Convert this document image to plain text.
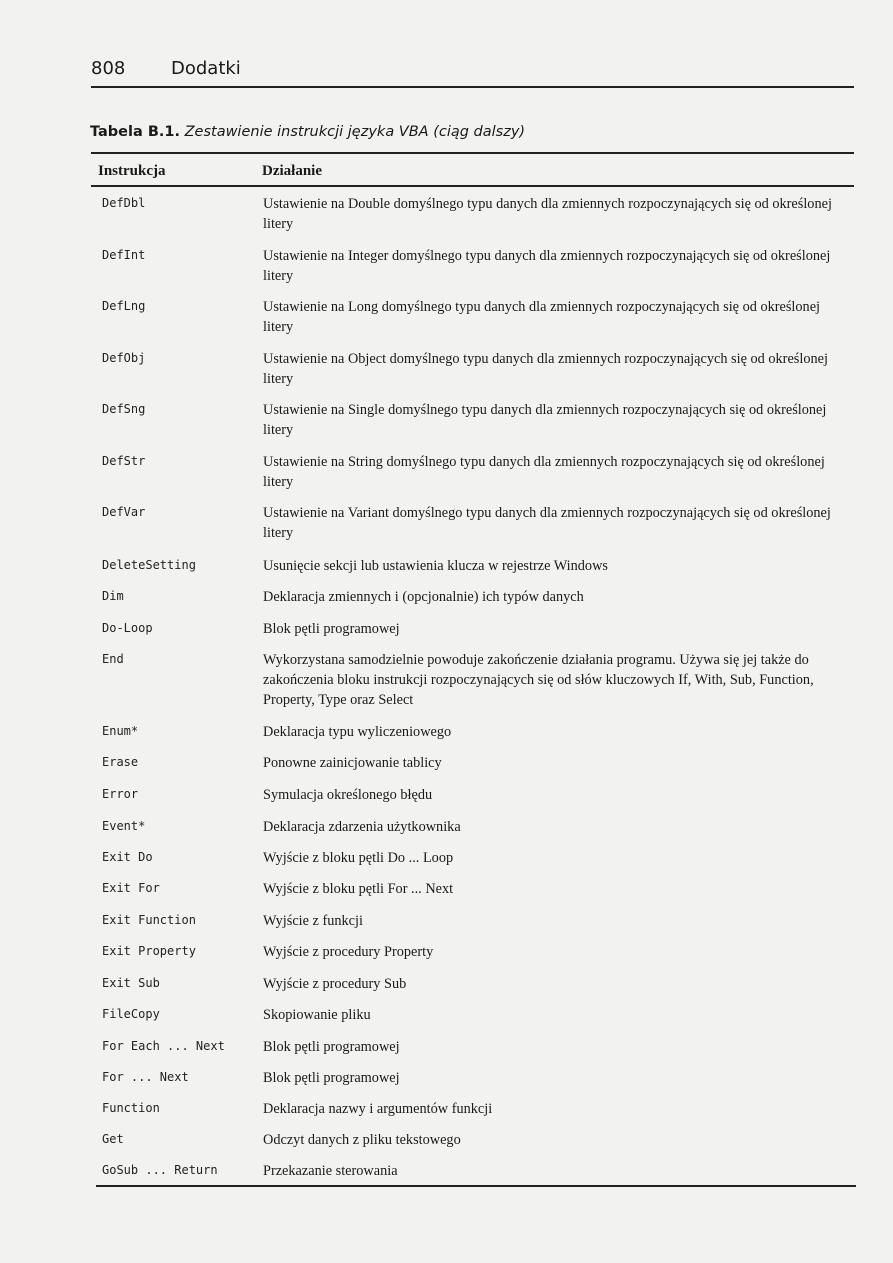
808	Dodatki
Tabela B.1. Zestawienie instrukcji języka VBA (ciąg dalszy)
Instrukcja	Działanie
DefDbl	Ustawienie na Double domyślnego typu danych dla zmiennych rozpoczynających się od określonej litery
DefInt	Ustawienie na Integer domyślnego typu danych dla zmiennych rozpoczynających się od określonej litery
DefLng	Ustawienie na Long domyślnego typu danych dla zmiennych rozpoczynających się od określonej litery
DefObj	Ustawienie na Object domyślnego typu danych dla zmiennych rozpoczynających się od określonej litery
DefSng	Ustawienie na Single domyślnego typu danych dla zmiennych rozpoczynających się od określonej litery
DefStr	Ustawienie na String domyślnego typu danych dla zmiennych rozpoczynających się od określonej litery
DefVar	Ustawienie na Variant domyślnego typu danych dla zmiennych rozpoczynających się od określonej litery
DeleteSetting	Usunięcie sekcji lub ustawienia klucza w rejestrze Windows
Dim	Deklaracja zmiennych i (opcjonalnie) ich typów danych
Do-Loop	Blok pętli programowej
End	Wykorzystana samodzielnie powoduje zakończenie działania programu. Używa się jej także do zakończenia bloku instrukcji rozpoczynających się od słów kluczowych If, With, Sub, Function, Property, Type oraz Select
Enum*	Deklaracja typu wyliczeniowego
Erase	Ponowne zainicjowanie tablicy
Error	Symulacja określonego błędu
Event*	Deklaracja zdarzenia użytkownika
Exit Do	Wyjście z bloku pętli Do ... Loop
Exit For	Wyjście z bloku pętli For ... Next
Exit Function	Wyjście z funkcji
Exit Property	Wyjście z procedury Property
Exit Sub	Wyjście z procedury Sub
FileCopy	Skopiowanie pliku
For Each ... Next	Blok pętli programowej
For ... Next	Blok pętli programowej
Function	Deklaracja nazwy i argumentów funkcji
Get	Odczyt danych z pliku tekstowego
GoSub ... Return	Przekazanie sterowania
